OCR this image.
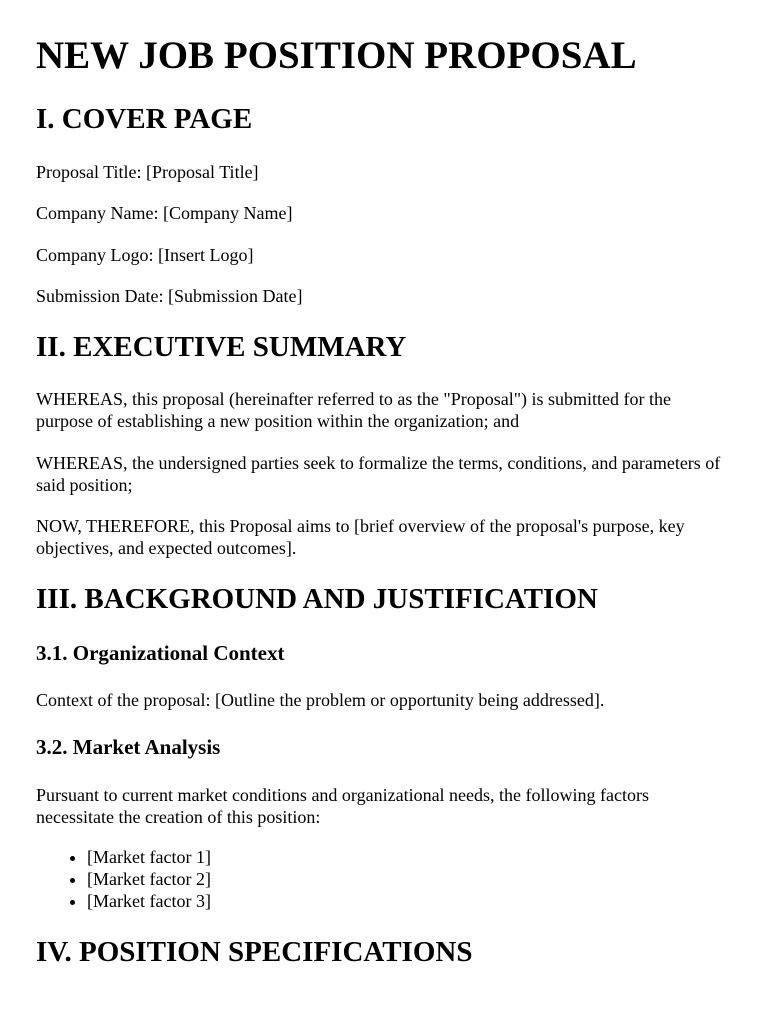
NEW JOB POSITION PROPOSAL
I. COVER PAGE

Proposal Title: [Proposal Title]

Company Name: [Company Name]

Company Logo: [Insert Logo]

Submission Date: [Submission Date]

II. EXECUTIVE SUMMARY

WHEREAS, this proposal (hereinafter referred to as the "Proposal") is submitted for the purpose of establishing a new position within the organization; and

WHEREAS, the undersigned parties seek to formalize the terms, conditions, and parameters of said position;

NOW, THEREFORE, this Proposal aims to [brief overview of the proposal's purpose, key objectives, and expected outcomes].

III. BACKGROUND AND JUSTIFICATION
3.1. Organizational Context

Context of the proposal: [Outline the problem or opportunity being addressed].

3.2. Market Analysis

Pursuant to current market conditions and organizational needs, the following factors necessitate the creation of this position:

• [Market factor 1]
• [Market factor 2]
• [Market factor 3]
IV. POSITION SPECIFICATIONS
